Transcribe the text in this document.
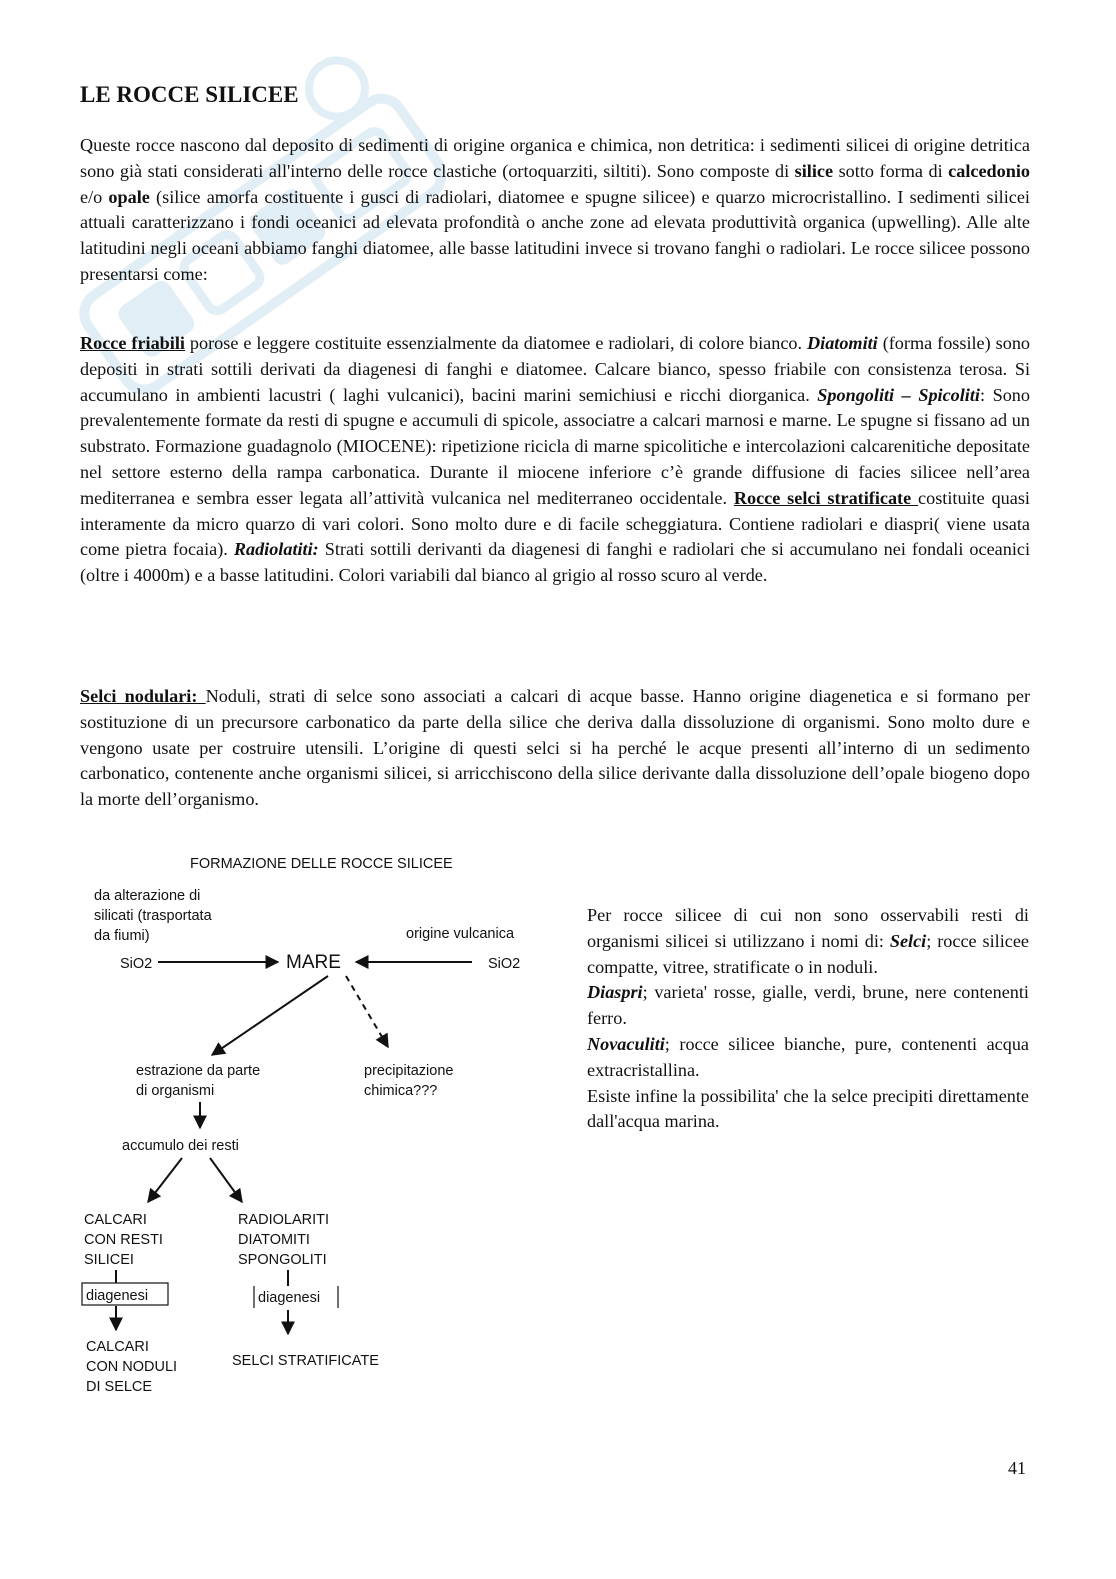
LE ROCCE SILICEE

Queste rocce nascono dal deposito di sedimenti di origine organica e chimica, non detritica: i sedimenti silicei di origine detritica sono già stati considerati all'interno delle rocce clastiche (ortoquarziti, siltiti). Sono composte di silice sotto forma di calcedonio e/o opale (silice amorfa costituente i gusci di radiolari, diatomee e spugne silicee) e quarzo microcristallino. I sedimenti silicei attuali caratterizzano i fondi oceanici ad elevata profondità o anche zone ad elevata produttività organica (upwelling). Alle alte latitudini negli oceani abbiamo fanghi diatomee, alle basse latitudini invece si trovano fanghi o radiolari. Le rocce silicee possono presentarsi come:

Rocce friabili porose e leggere costituite essenzialmente da diatomee e radiolari, di colore bianco. Diatomiti (forma fossile) sono depositi in strati sottili derivati da diagenesi di fanghi e diatomee. Calcare bianco, spesso friabile con consistenza terosa. Si accumulano in ambienti lacustri ( laghi vulcanici), bacini marini semichiusi e ricchi diorganica. Spongoliti – Spicoliti: Sono prevalentemente formate da resti di spugne e accumuli di spicole, associatre a calcari marnosi e marne. Le spugne si fissano ad un substrato. Formazione guadagnolo (MIOCENE): ripetizione ricicla di marne spicolitiche e intercolazioni calcarenitiche depositate nel settore esterno della rampa carbonatica. Durante il miocene inferiore c’è grande diffusione di facies silicee nell’area mediterranea e sembra esser legata all’attività vulcanica nel mediterraneo occidentale. Rocce selci stratificate costituite quasi interamente da micro quarzo di vari colori. Sono molto dure e di facile scheggiatura. Contiene radiolari e diaspri( viene usata come pietra focaia). Radiolatiti: Strati sottili derivanti da diagenesi di fanghi e radiolari che si accumulano nei fondali oceanici (oltre i 4000m) e a basse latitudini. Colori variabili dal bianco al grigio al rosso scuro al verde.

Selci nodulari: Noduli, strati di selce sono associati a calcari di acque basse. Hanno origine diagenetica e si formano per sostituzione di un precursore carbonatico da parte della silice che deriva dalla dissoluzione di organismi. Sono molto dure e vengono usate per costruire utensili. L’origine di questi selci si ha perché le acque presenti all’interno di un sedimento carbonatico, contenente anche organismi silicei, si arricchiscono della silice derivante dalla dissoluzione dell’opale biogeno dopo la morte dell’organismo.

FORMAZIONE DELLE ROCCE SILICEE
da alterazione di
silicati (trasportata
da fiumi)
SiO2
origine vulcanica
SiO2
MARE
estrazione da parte
di organismi
precipitazione
chimica???
accumulo dei resti
CALCARI
CON RESTI
SILICEI
RADIOLARITI
DIATOMITI
SPONGOLITI
diagenesi	diagenesi
CALCARI
CON NODULI
DI SELCE
SELCI STRATIFICATE

Per rocce silicee di cui non sono osservabili resti di organismi silicei si utilizzano i nomi di: Selci; rocce silicee compatte, vitree, stratificate o in noduli.
Diaspri; varieta' rosse, gialle, verdi, brune, nere contenenti ferro.
Novaculiti; rocce silicee bianche, pure, contenenti acqua extracristallina.
Esiste infine la possibilita' che la selce precipiti direttamente dall'acqua marina.

41
